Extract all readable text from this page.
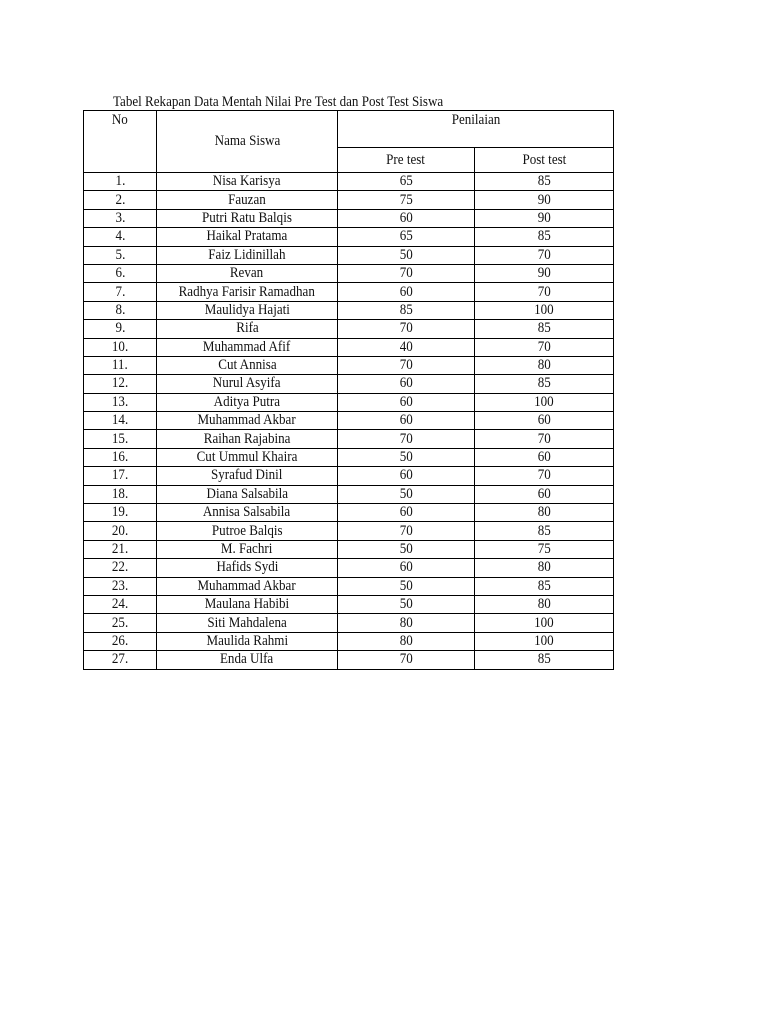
Tabel Rekapan Data Mentah Nilai Pre Test dan Post Test Siswa
No	Nama Siswa	Penilaian	
		Pre test	Post test
1.	Nisa Karisya	65	85
2.	Fauzan	75	90
3.	Putri Ratu Balqis	60	90
4.	Haikal Pratama	65	85
5.	Faiz Lidinillah	50	70
6.	Revan	70	90
7.	Radhya Farisir Ramadhan	60	70
8.	Maulidya Hajati	85	100
9.	Rifa	70	85
10.	Muhammad Afif	40	70
11.	Cut Annisa	70	80
12.	Nurul Asyifa	60	85
13.	Aditya Putra	60	100
14.	Muhammad Akbar	60	60
15.	Raihan Rajabina	70	70
16.	Cut Ummul Khaira	50	60
17.	Syrafud Dinil	60	70
18.	Diana Salsabila	50	60
19.	Annisa Salsabila	60	80
20.	Putroe Balqis	70	85
21.	M. Fachri	50	75
22.	Hafids Sydi	60	80
23.	Muhammad Akbar	50	85
24.	Maulana Habibi	50	80
25.	Siti Mahdalena	80	100
26.	Maulida Rahmi	80	100
27.	Enda Ulfa	70	85
